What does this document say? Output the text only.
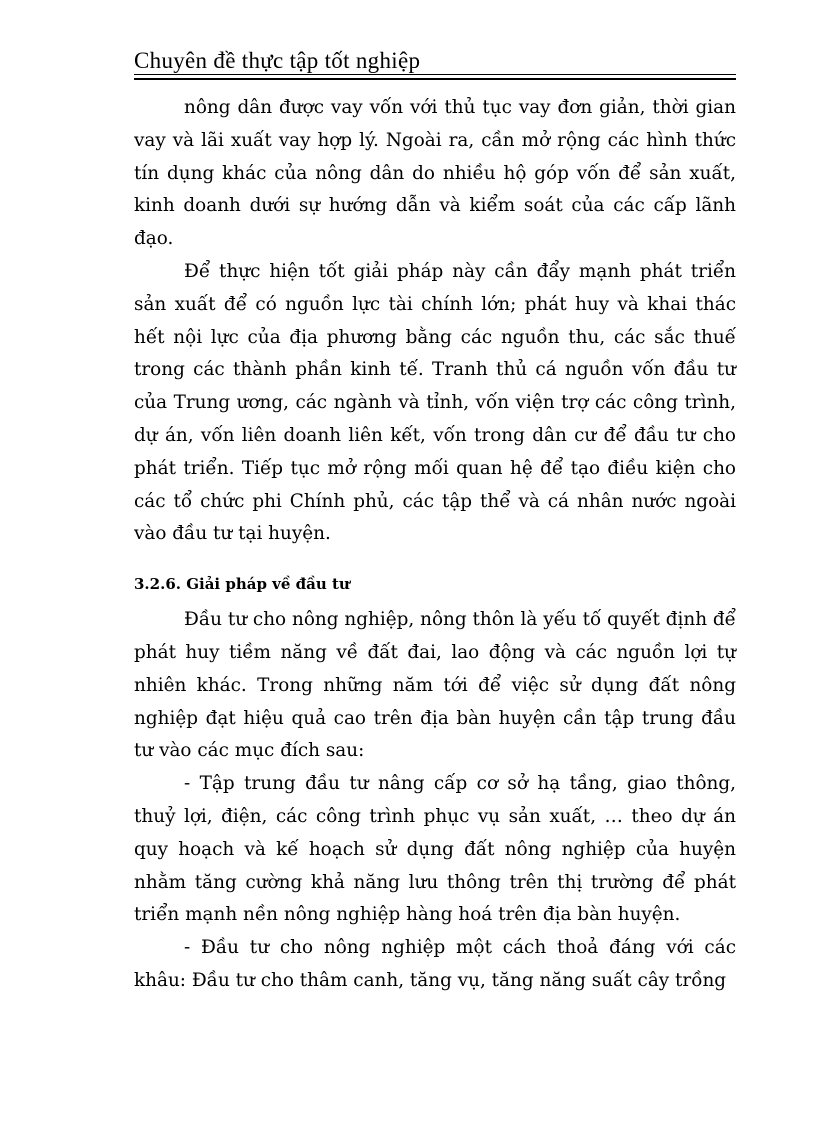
Chuyên đề thực tập tốt nghiệp

nông dân được vay vốn với thủ tục vay đơn giản, thời gian vay và lãi xuất vay hợp lý. Ngoài ra, cần mở rộng các hình thức tín dụng khác của nông dân do nhiều hộ góp vốn để sản xuất, kinh doanh dưới sự hướng dẫn và kiểm soát của các cấp lãnh đạo.

Để thực hiện tốt giải pháp này cần đẩy mạnh phát triển sản xuất để có nguồn lực tài chính lớn; phát huy và khai thác hết nội lực của địa phương bằng các nguồn thu, các sắc thuế trong các thành phần kinh tế. Tranh thủ cá nguồn vốn đầu tư của Trung ương, các ngành và tỉnh, vốn viện trợ các công trình, dự án, vốn liên doanh liên kết, vốn trong dân cư để đầu tư cho phát triển. Tiếp tục mở rộng mối quan hệ để tạo điều kiện cho các tổ chức phi Chính phủ, các tập thể và cá nhân nước ngoài vào đầu tư tại huyện.

3.2.6. Giải pháp về đầu tư

Đầu tư cho nông nghiệp, nông thôn là yếu tố quyết định để phát huy tiềm năng về đất đai, lao động và các nguồn lợi tự nhiên khác. Trong những năm tới để việc sử dụng đất nông nghiệp đạt hiệu quả cao trên địa bàn huyện cần tập trung đầu tư vào các mục đích sau:

- Tập trung đầu tư nâng cấp cơ sở hạ tầng, giao thông, thuỷ lợi, điện, các công trình phục vụ sản xuất, … theo dự án quy hoạch và kế hoạch sử dụng đất nông nghiệp của huyện nhằm tăng cường khả năng lưu thông trên thị trường để phát triển mạnh nền nông nghiệp hàng hoá trên địa bàn huyện.

- Đầu tư cho nông nghiệp một cách thoả đáng với các khâu: Đầu tư cho thâm canh, tăng vụ, tăng năng suất cây trồng
